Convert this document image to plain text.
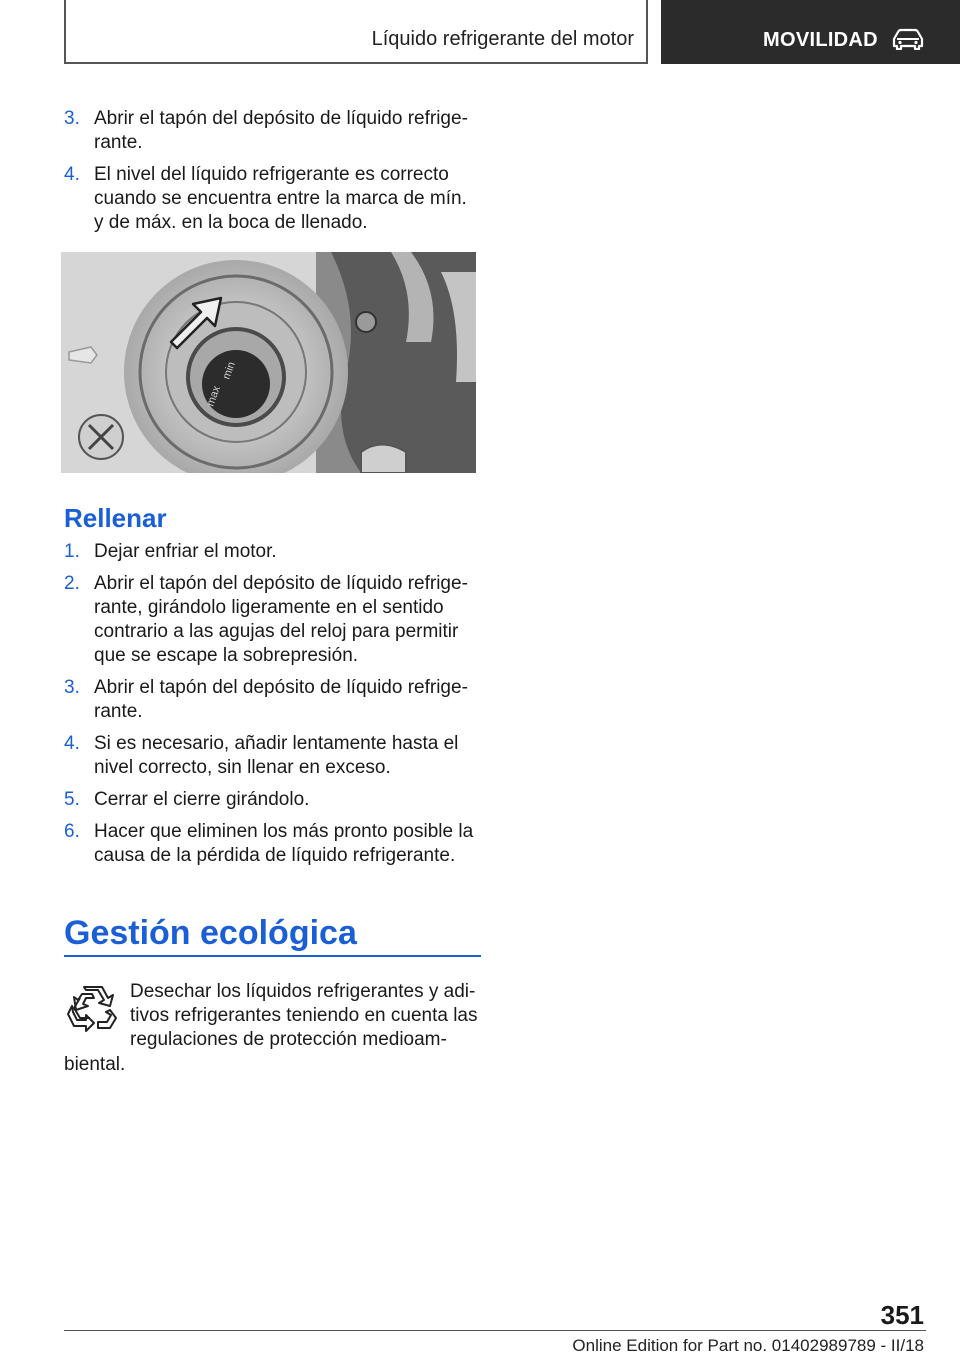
Líquido refrigerante del motor	MOVILIDAD
3. Abrir el tapón del depósito de líquido refrige-rante.
4. El nivel del líquido refrigerante es correcto cuando se encuentra entre la marca de mín. y de máx. en la boca de llenado.
min
max
Rellenar
1. Dejar enfriar el motor.
2. Abrir el tapón del depósito de líquido refrige-rante, girándolo ligeramente en el sentido contrario a las agujas del reloj para permitir que se escape la sobrepresión.
3. Abrir el tapón del depósito de líquido refrige-rante.
4. Si es necesario, añadir lentamente hasta el nivel correcto, sin llenar en exceso.
5. Cerrar el cierre girándolo.
6. Hacer que eliminen los más pronto posible la causa de la pérdida de líquido refrigerante.
Gestión ecológica
Desechar los líquidos refrigerantes y adi-
tivos refrigerantes teniendo en cuenta las
regulaciones de protección medioam-
biental.
351
Online Edition for Part no. 01402989789 - II/18
